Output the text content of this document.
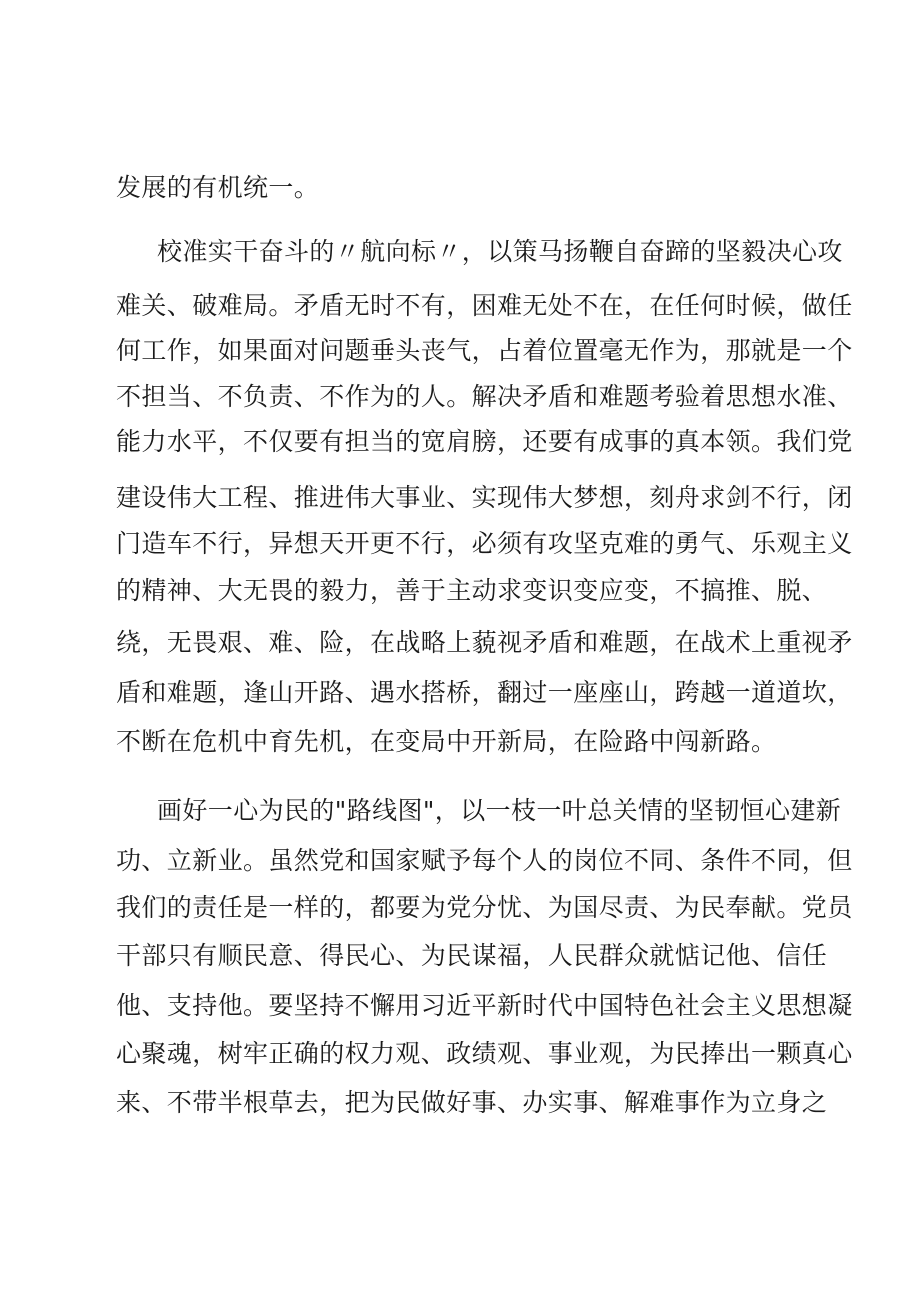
发展的有机统一。

校准实干奋斗的〃航向标〃，以策马扬鞭自奋蹄的坚毅决心攻

难关、破难局。矛盾无时不有，困难无处不在，在任何时候，做任

何工作，如果面对问题垂头丧气，占着位置毫无作为，那就是一个

不担当、不负责、不作为的人。解决矛盾和难题考验着思想水准、

能力水平，不仅要有担当的宽肩膀，还要有成事的真本领。我们党

建设伟大工程、推进伟大事业、实现伟大梦想，刻舟求剑不行，闭

门造车不行，异想天开更不行，必须有攻坚克难的勇气、乐观主义

的精神、大无畏的毅力，善于主动求变识变应变，不搞推、脱、

绕，无畏艰、难、险，在战略上藐视矛盾和难题，在战术上重视矛

盾和难题，逢山开路、遇水搭桥，翻过一座座山，跨越一道道坎，

不断在危机中育先机，在变局中开新局，在险路中闯新路。

画好一心为民的"路线图"，以一枝一叶总关情的坚韧恒心建新

功、立新业。虽然党和国家赋予每个人的岗位不同、条件不同，但

我们的责任是一样的，都要为党分忧、为国尽责、为民奉献。党员

干部只有顺民意、得民心、为民谋福，人民群众就惦记他、信任

他、支持他。要坚持不懈用习近平新时代中国特色社会主义思想凝

心聚魂，树牢正确的权力观、政绩观、事业观，为民捧出一颗真心

来、不带半根草去，把为民做好事、办实事、解难事作为立身之
